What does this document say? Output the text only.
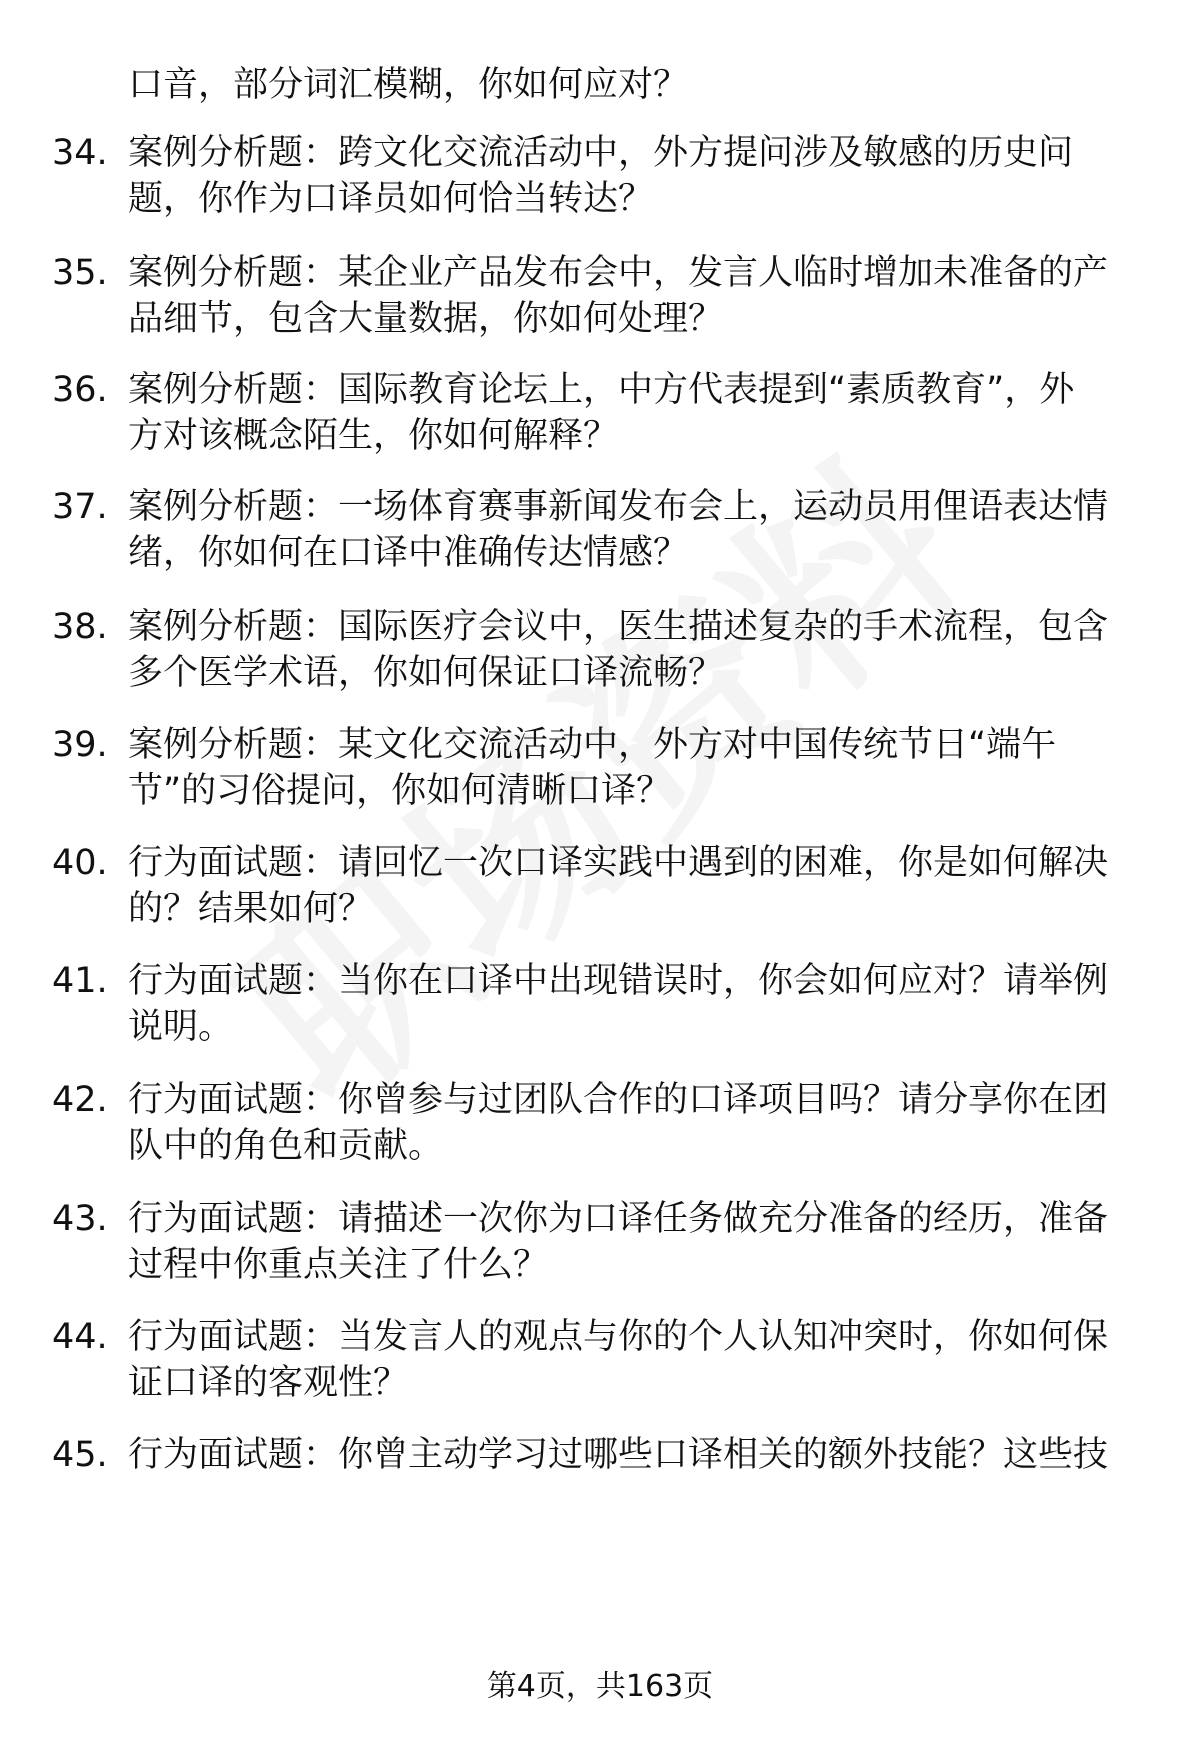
口音，部分词汇模糊，你如何应对？
34. 案例分析题：跨文化交流活动中，外方提问涉及敏感的历史问
题，你作为口译员如何恰当转达？
35. 案例分析题：某企业产品发布会中，发言人临时增加未准备的产
品细节，包含大量数据，你如何处理？
36. 案例分析题：国际教育论坛上，中方代表提到“素质教育”，外
方对该概念陌生，你如何解释？
37. 案例分析题：一场体育赛事新闻发布会上，运动员用俚语表达情
绪，你如何在口译中准确传达情感？
38. 案例分析题：国际医疗会议中，医生描述复杂的手术流程，包含
多个医学术语，你如何保证口译流畅？
39. 案例分析题：某文化交流活动中，外方对中国传统节日“端午
节”的习俗提问，你如何清晰口译？
40. 行为面试题：请回忆一次口译实践中遇到的困难，你是如何解决
的？结果如何？
41. 行为面试题：当你在口译中出现错误时，你会如何应对？请举例
说明。
42. 行为面试题：你曾参与过团队合作的口译项目吗？请分享你在团
队中的角色和贡献。
43. 行为面试题：请描述一次你为口译任务做充分准备的经历，准备
过程中你重点关注了什么？
44. 行为面试题：当发言人的观点与你的个人认知冲突时，你如何保
证口译的客观性？
45. 行为面试题：你曾主动学习过哪些口译相关的额外技能？这些技
第4页，共163页
